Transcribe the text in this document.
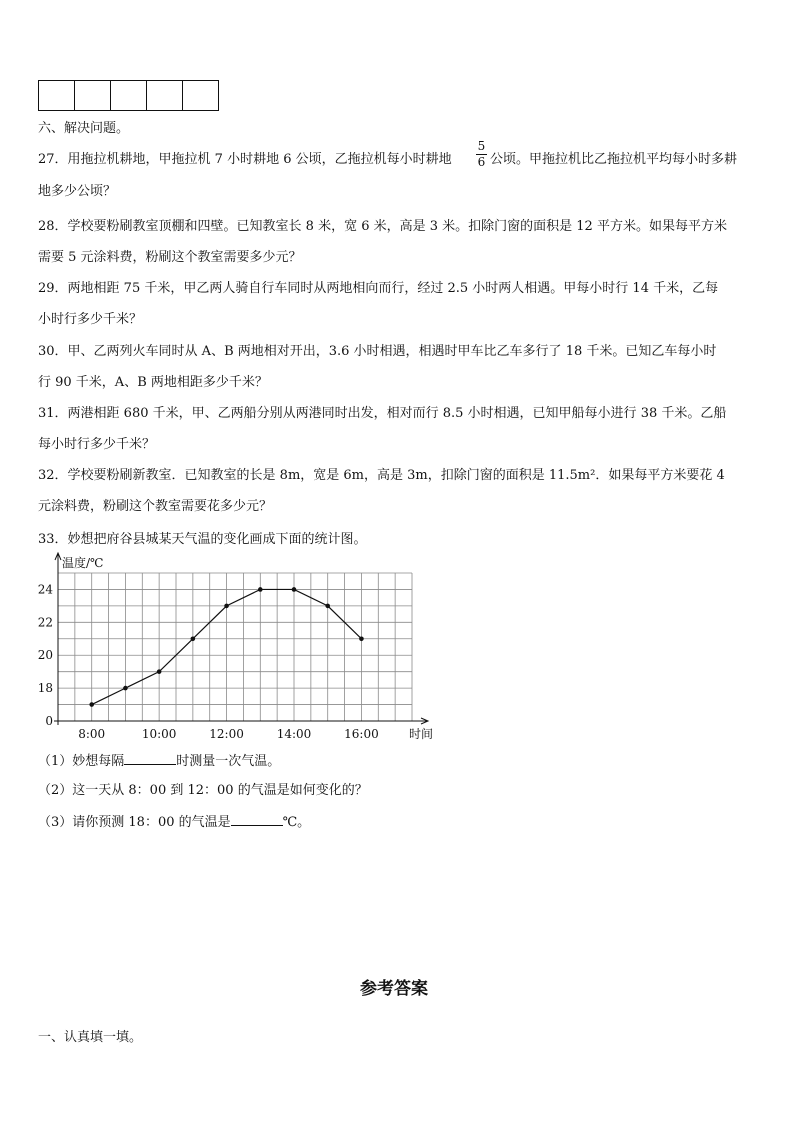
六、解决问题。
27．用拖拉机耕地，甲拖拉机 7 小时耕地 6 公顷，乙拖拉机每小时耕地
5
6 公顷。甲拖拉机比乙拖拉机平均每小时多耕
地多少公顷？
28．学校要粉刷教室顶棚和四壁。已知教室长 8 米，宽 6 米，高是 3 米。扣除门窗的面积是 12 平方米。如果每平方米
需要 5 元涂料费，粉刷这个教室需要多少元？
29．两地相距 75 千米，甲乙两人骑自行车同时从两地相向而行，经过 2.5 小时两人相遇。甲每小时行 14 千米，乙每
小时行多少千米？
30．甲、乙两列火车同时从 A、B 两地相对开出，3.6 小时相遇，相遇时甲车比乙车多行了 18 千米。已知乙车每小时
行 90 千米，A、B 两地相距多少千米？
31．两港相距 680 千米，甲、乙两船分别从两港同时出发，相对而行 8.5 小时相遇，已知甲船每小进行 38 千米。乙船
每小时行多少千米？
32．学校要粉刷新教室．已知教室的长是 8m，宽是 6m，高是 3m，扣除门窗的面积是 11.5m²．如果每平方米要花 4
元涂料费，粉刷这个教室需要花多少元？
33．妙想把府谷县城某天气温的变化画成下面的统计图。
温度/℃
时间
0
18
20
22
24
8:00	10:00	12:00	14:00	16:00
（1）妙想每隔	时测量一次气温。
（2）这一天从 8：00 到 12：00 的气温是如何变化的？
（3）请你预测 18：00 的气温是	℃。
参考答案
一、认真填一填。
